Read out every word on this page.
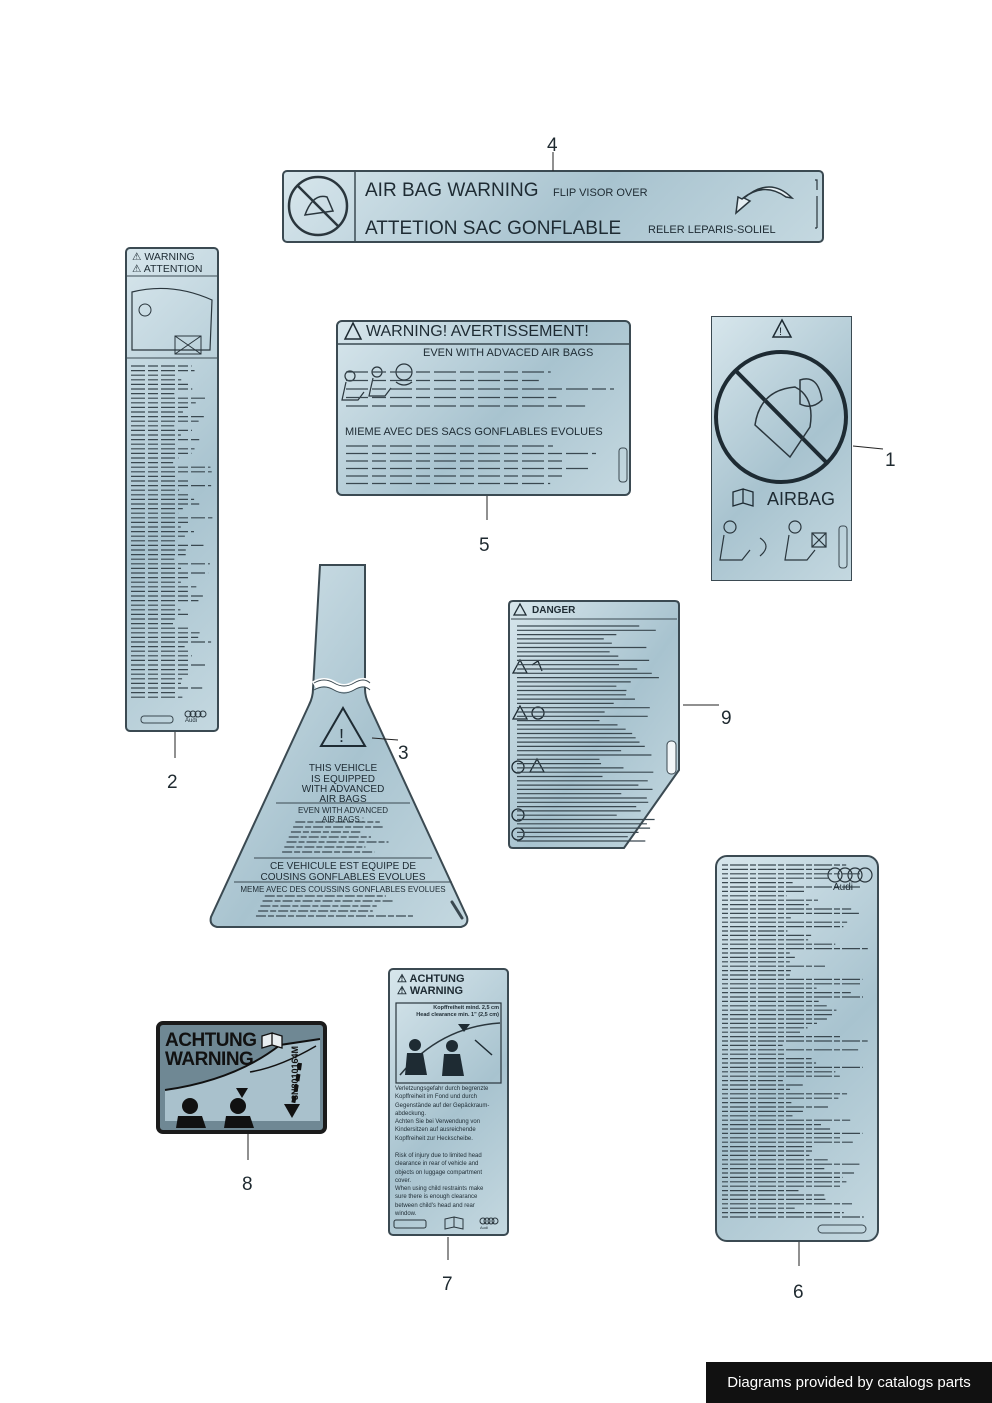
AIR BAG WARNING FLIP VISOR OVER
ATTETION SAC GONFLABLE RELER LEPARIS-SOLIEL
⚠ WARNING
⚠ ATTENTION
Audi
WARNING! AVERTISSEMENT!
EVEN WITH ADVACED AIR BAGS
MIEME AVEC DES SACS GONFLABLES EVOLUES
!
AIRBAG
!
THIS VEHICLE
IS EQUIPPED
WITH ADVANCED
AIR BAGS
EVEN WITH ADVANCED
AIR BAGS :
CE VEHICULE EST EQUIPE DE
COUSINS GONFLABLES EVOLUES
MEME AVEC DES COUSSINS GONFLABLES EVOLUES
DANGER
Audi
⚠ ACHTUNG
⚠ WARNING
Kopffreiheit mind. 2,5 cm
Head clearance min. 1" (2,5 cm)
Verletzungsgefahr durch begrenzte
Kopffreiheit im Fond und durch
Gegenstände auf der Gepäckraum-
abdeckung.
Achten Sie bei Verwendung von
Kindersitzen auf ausreichende
Kopffreiheit zur Heckscheibe.
Risk of injury due to limited head
clearance in rear of vehicle and
objects on luggage compartment
cover.
When using child restraints make
sure there is enough clearance
between child's head and rear
window.
Audi
ACHTUNG
WARNING	8N8010164M
1
2
3
4
5
6
7
8
9
Diagrams provided by catalogs parts
